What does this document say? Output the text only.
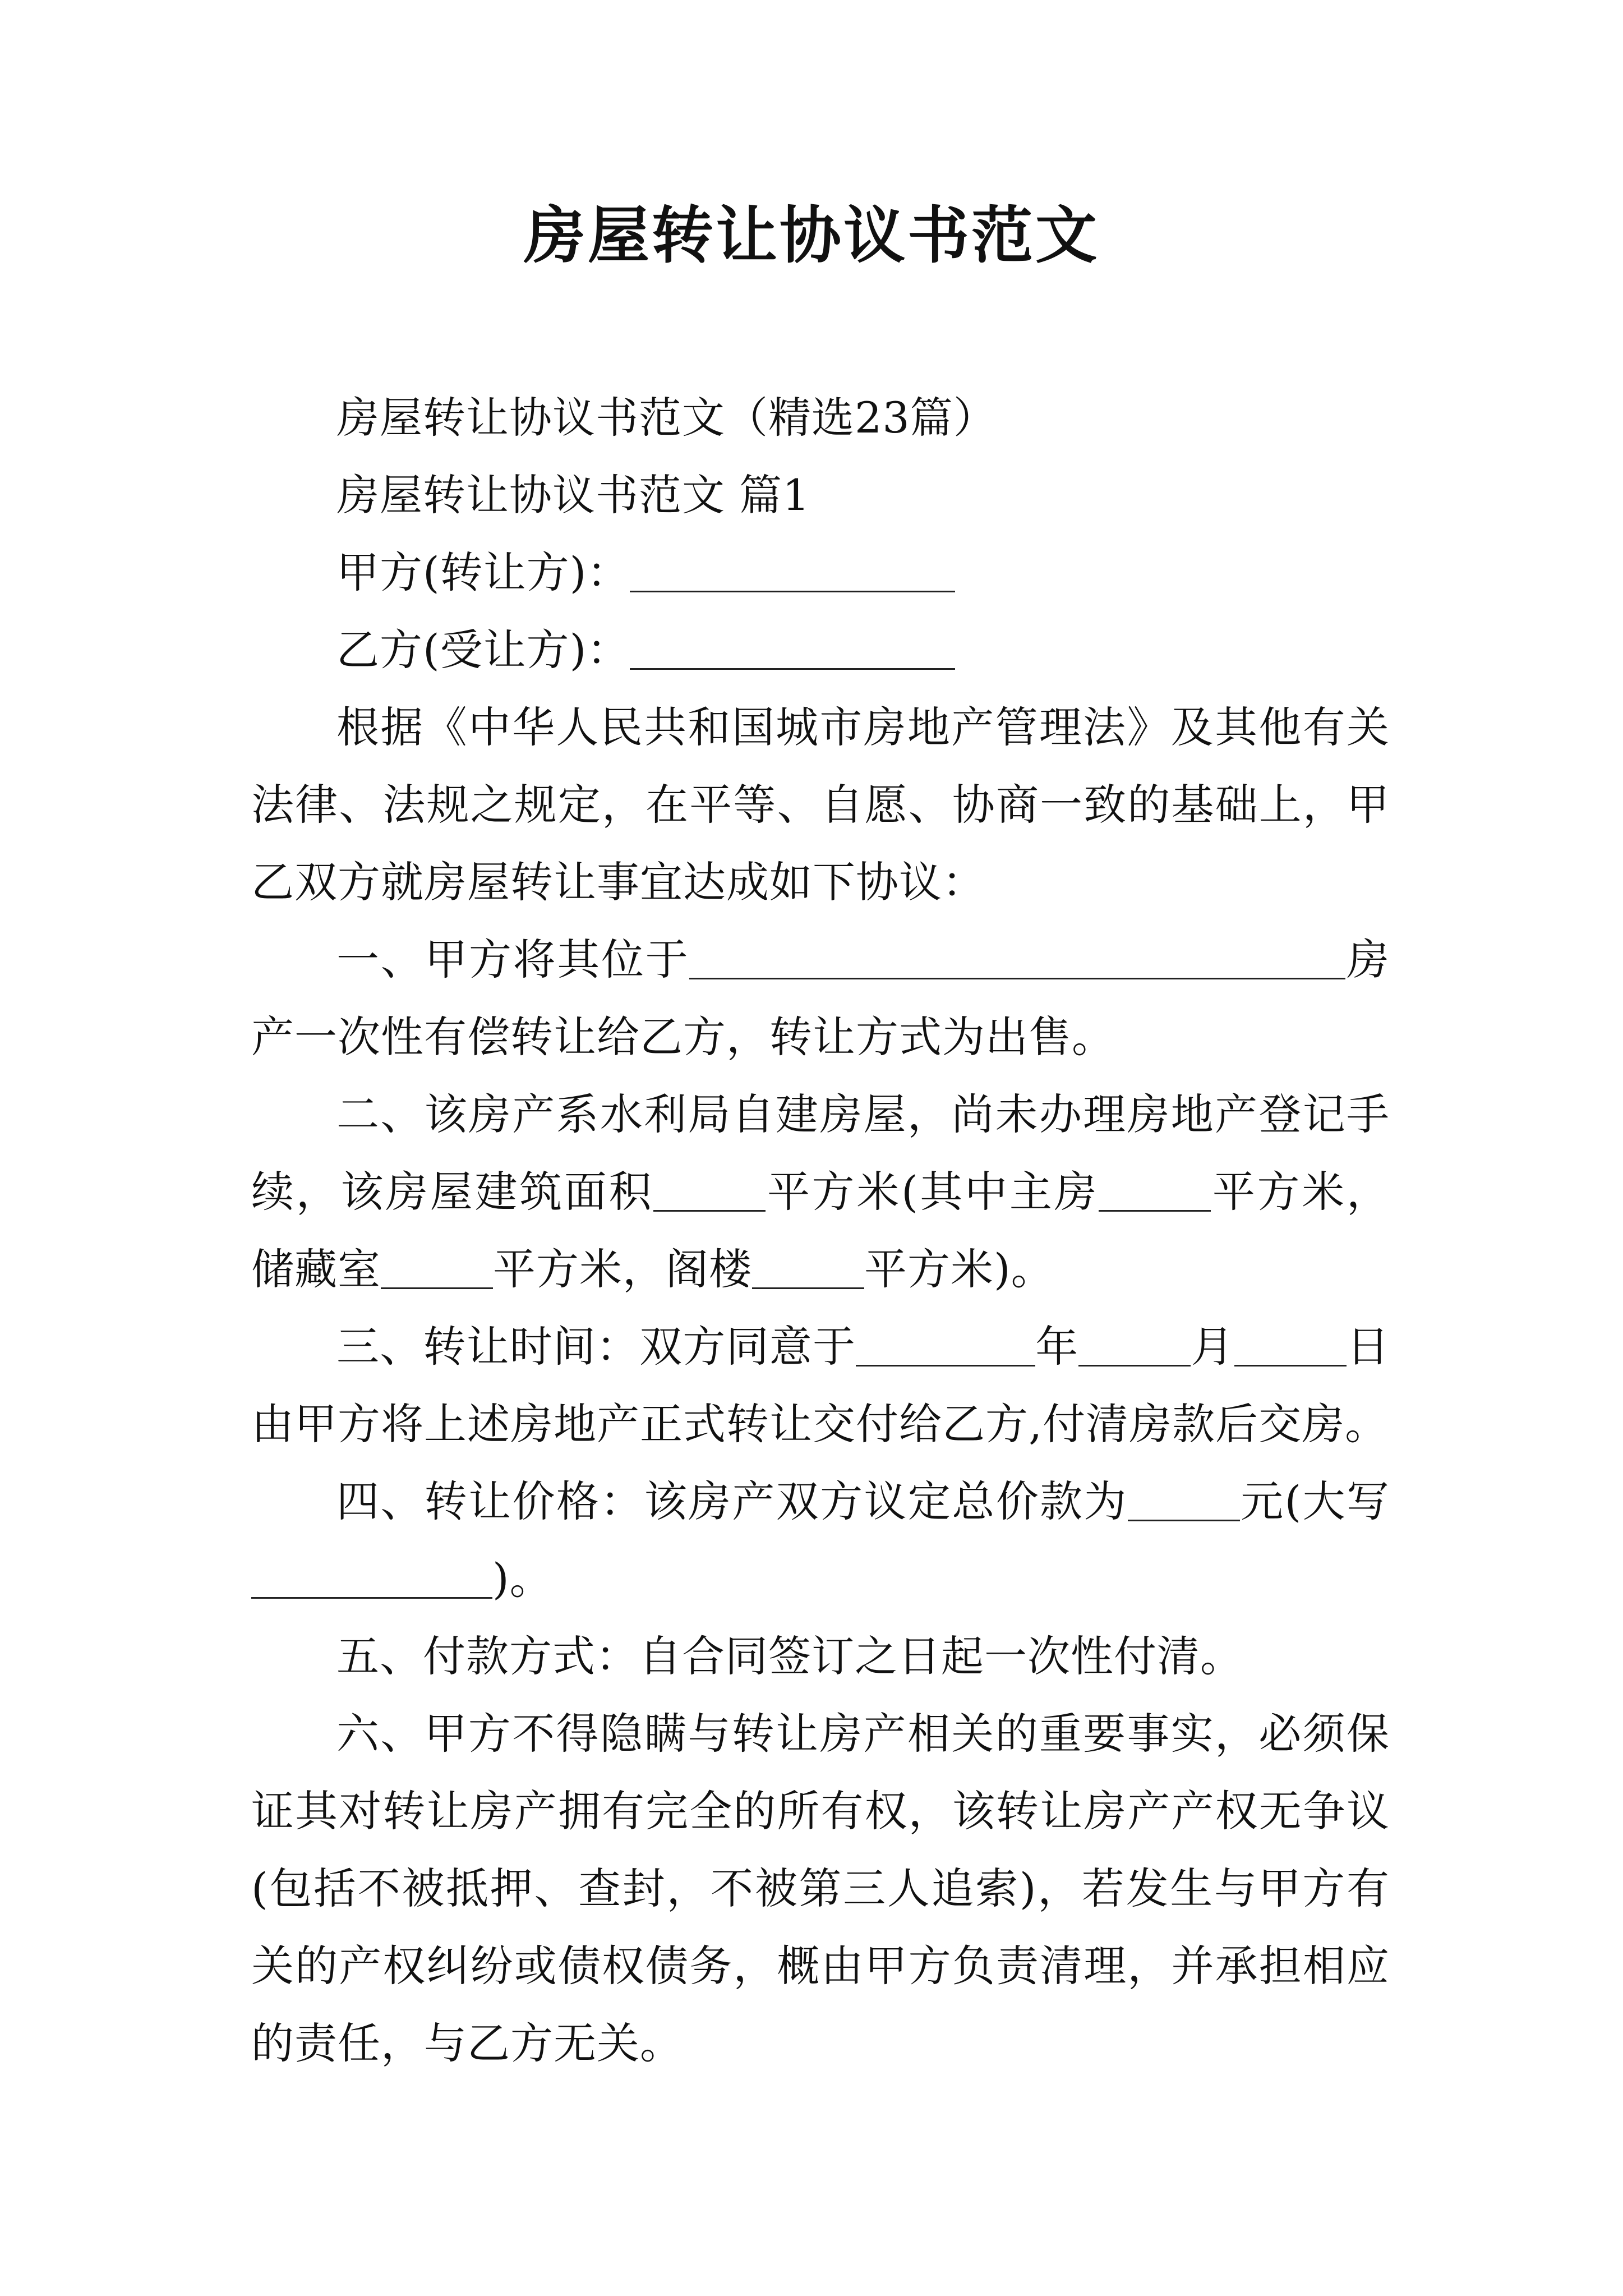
房屋转让协议书范文

房屋转让协议书范文（精选23篇）

房屋转让协议书范文 篇1

甲方(转让方)：

乙方(受让方)：

根据《中华人民共和国城市房地产管理法》及其他有关法律、法规之规定，在平等、自愿、协商一致的基础上，甲乙双方就房屋转让事宜达成如下协议：

一、甲方将其位于	房产一次性有偿转让给乙方，转让方式为出售。

二、该房产系水利局自建房屋，尚未办理房地产登记手续，该房屋建筑面积	平方米(其中主房	平方米，储藏室	平方米，阁楼	平方米)。

三、转让时间：双方同意于	年	月	日由甲方将上述房地产正式转让交付给乙方,付清房款后交房。

四、转让价格：该房产双方议定总价款为	元(大写)。

五、付款方式：自合同签订之日起一次性付清。

六、甲方不得隐瞒与转让房产相关的重要事实，必须保证其对转让房产拥有完全的所有权，该转让房产产权无争议(包括不被抵押、查封，不被第三人追索)，若发生与甲方有关的产权纠纷或债权债务，概由甲方负责清理，并承担相应的责任，与乙方无关。
